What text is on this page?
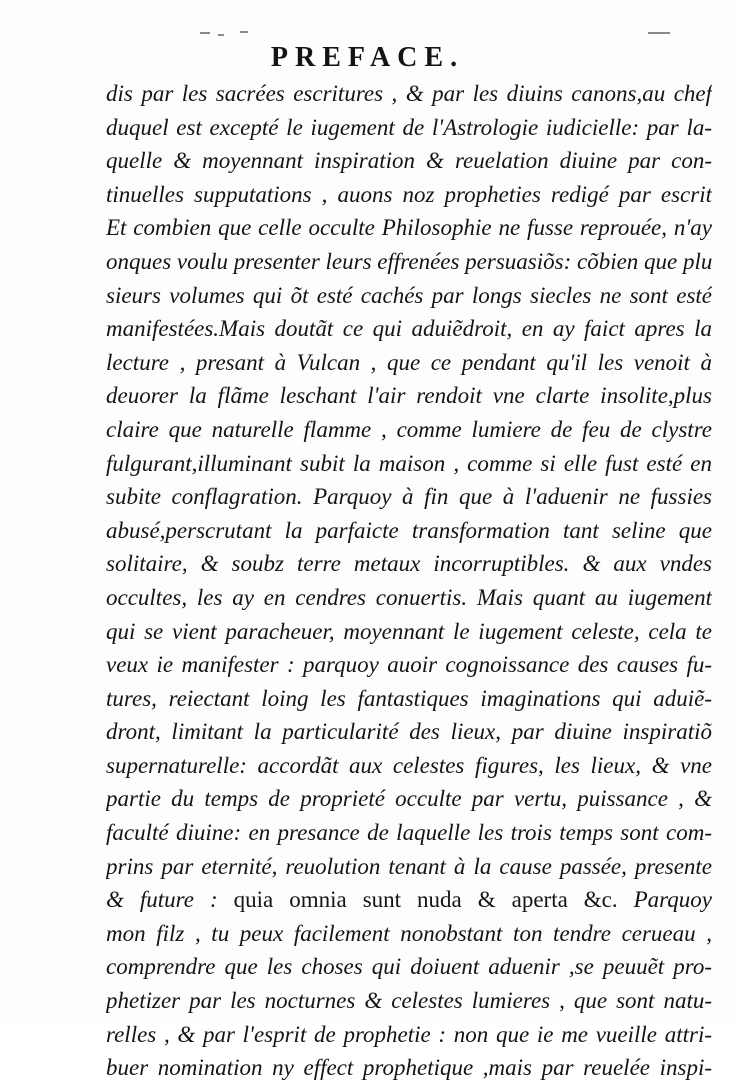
PREFACE.
dis par les sacrées escritures , & par les diuins canons,au chef
duquel est excepté le iugement de l'Astrologie iudicielle: par la-
quelle & moyennant inspiration & reuelation diuine par con-
tinuelles supputations , auons noz propheties redigé par escrit
Et combien que celle occulte Philosophie ne fusse reprouée, n'ay
onques voulu presenter leurs effrenées persuasiõs: cõbien que plu
sieurs volumes qui õt esté cachés par longs siecles ne sont esté
manifestées.Mais doutãt ce qui aduiẽdroit, en ay faict apres la
lecture , presant à Vulcan , que ce pendant qu'il les venoit à
deuorer la flãme leschant l'air rendoit vne clarte insolite,plus
claire que naturelle flamme , comme lumiere de feu de clystre
fulgurant,illuminant subit la maison , comme si elle fust esté en
subite conflagration. Parquoy à fin que à l'aduenir ne fussies
abusé,perscrutant la parfaicte transformation tant seline que
solitaire, & soubz terre metaux incorruptibles. & aux vndes
occultes, les ay en cendres conuertis. Mais quant au iugement
qui se vient paracheuer, moyennant le iugement celeste, cela te
veux ie manifester : parquoy auoir cognoissance des causes fu-
tures, reiectant loing les fantastiques imaginations qui aduiẽ-
dront, limitant la particularité des lieux, par diuine inspiratiõ
supernaturelle: accordãt aux celestes figures, les lieux, & vne
partie du temps de proprieté occulte par vertu, puissance , &
faculté diuine: en presance de laquelle les trois temps sont com-
prins par eternité, reuolution tenant à la cause passée, presente
& future : quia omnia sunt nuda & aperta &c. Parquoy
mon filz , tu peux facilement nonobstant ton tendre cerueau ,
comprendre que les choses qui doiuent aduenir ,se peuuẽt pro-
phetizer par les nocturnes & celestes lumieres , que sont natu-
relles , & par l'esprit de prophetie : non que ie me vueille attri-
buer nomination ny effect prophetique ,mais par reuelée inspi-
